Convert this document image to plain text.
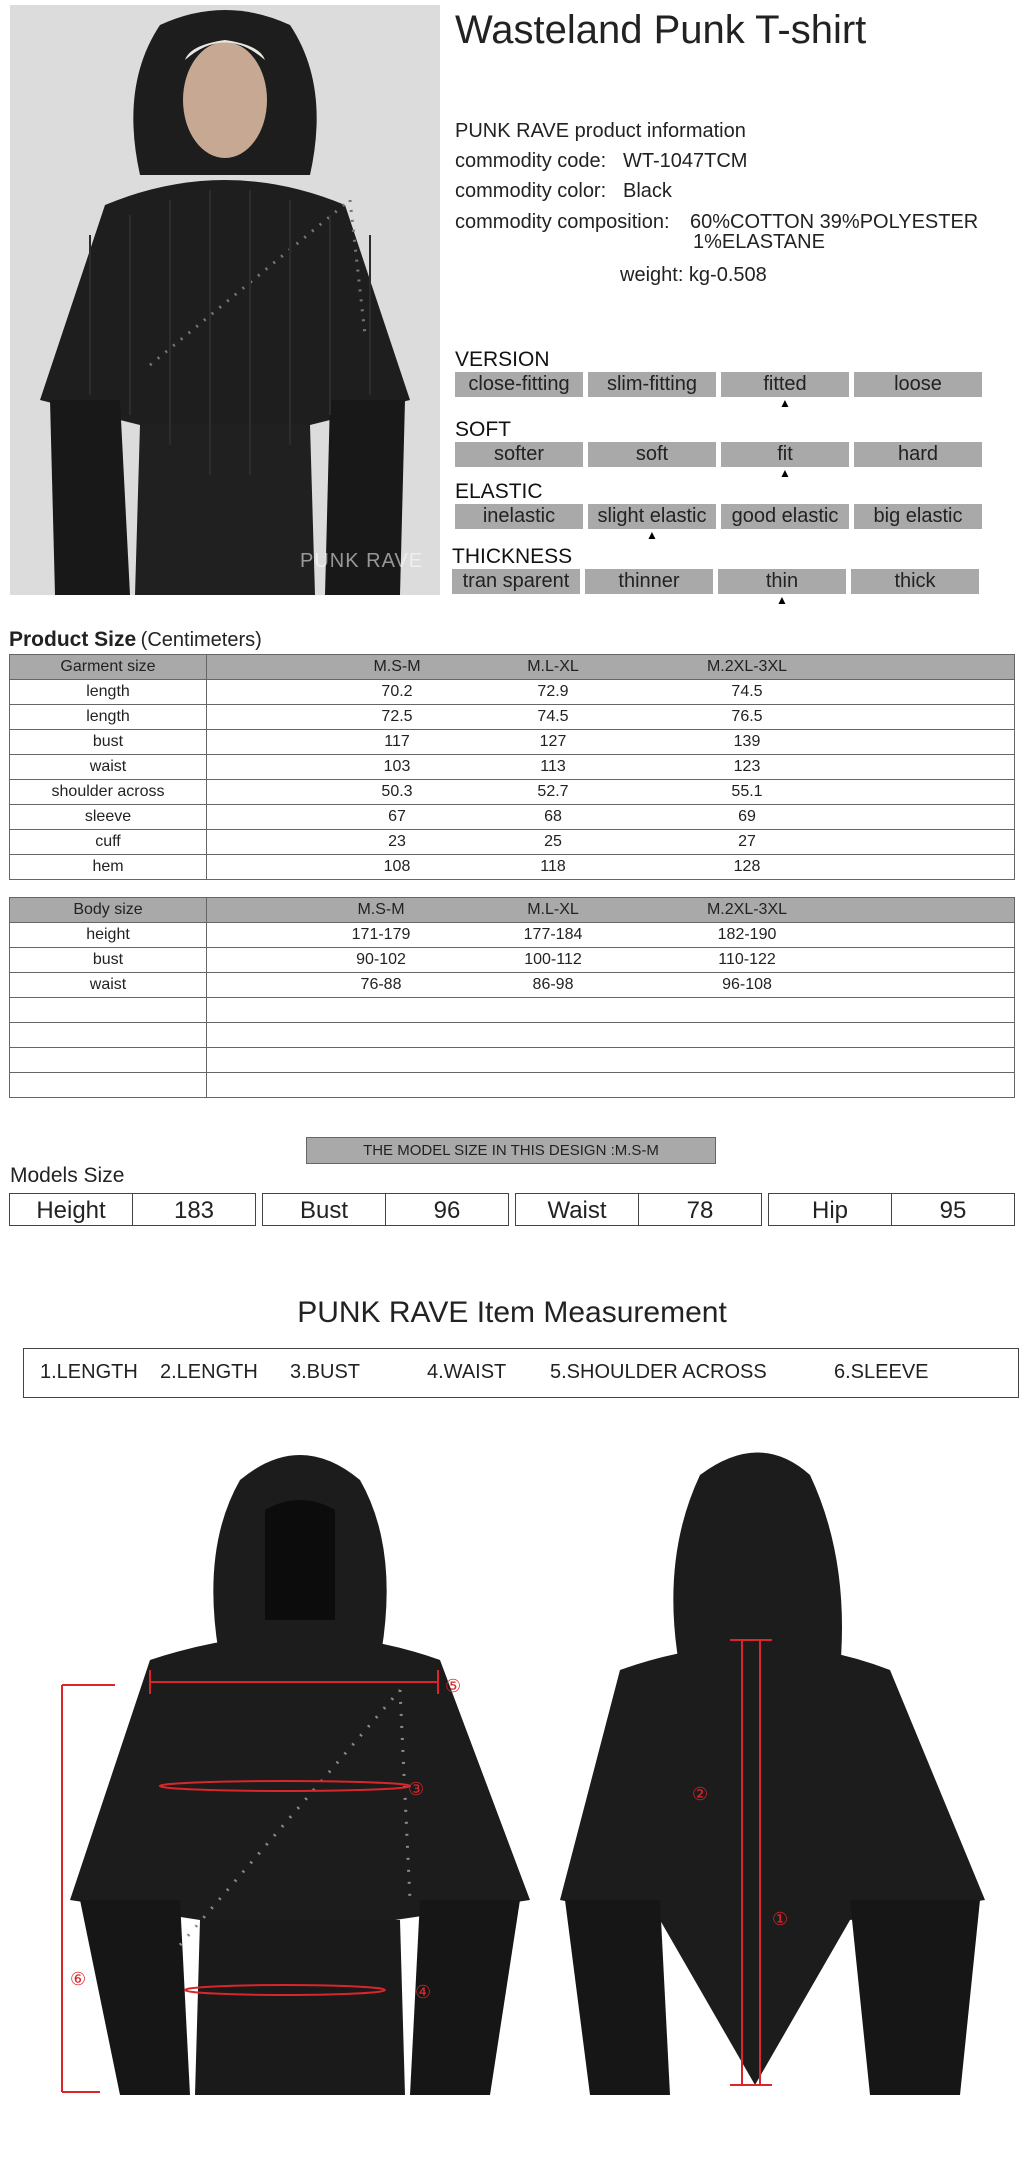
PUNK RAVE
Wasteland Punk T-shirt
PUNK RAVE product information
commodity code: WT-1047TCM
commodity color: Black
commodity composition: 60%COTTON 39%POLYESTER
1%ELASTANE
weight: kg-0.508
VERSION
close-fitting	slim-fitting	fitted	loose
▲
SOFT
softer	soft	fit	hard
▲
ELASTIC
inelastic	slight elastic	good elastic	big elastic
▲
THICKNESS
tran sparent	thinner	thin	thick
▲
Product Size (Centimeters)
Garment size	M.S-M M.L-XL M.2XL-3XL

length	70.2 72.9 74.5

length	72.5 74.5 76.5

bust	117 127 139

waist	103 113 123

shoulder across	50.3 52.7 55.1

sleeve	67 68 69

cuff	23 25 27

hem	108 118 128
Body size	M.S-M M.L-XL M.2XL-3XL

height	171-179 177-184 182-190

bust	90-102 100-112 110-122

waist	76-88 86-98 96-108

THE MODEL SIZE IN THIS DESIGN :M.S-M
Models Size
Height	183	Bust	96	Waist	78	Hip	95
PUNK RAVE Item Measurement
1.LENGTH 2.LENGTH 3.BUST	4.WAIST 5.SHOULDER ACROSS	6.SLEEVE
⑤
③
④
⑥
②
①
